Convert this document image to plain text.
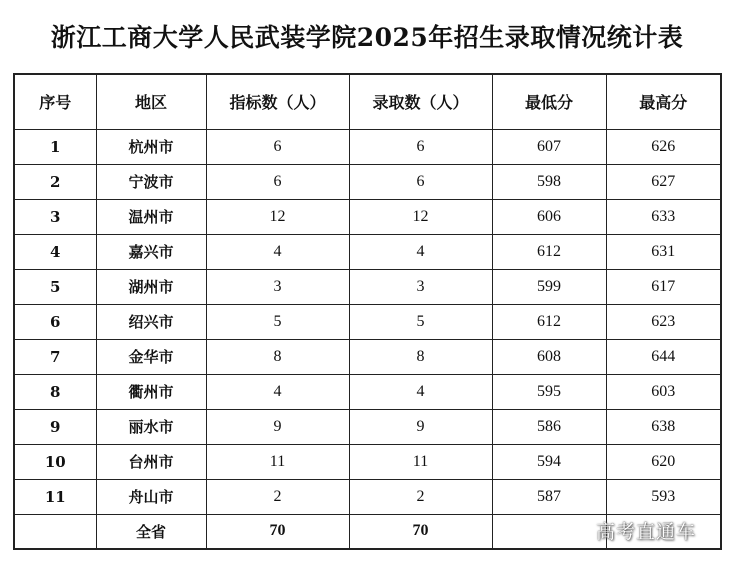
浙江工商大学人民武装学院2025年招生录取情况统计表
序号	地区	指标数（人）	录取数（人）	最低分	最高分
1	杭州市	6	6	607	626
2	宁波市	6	6	598	627
3	温州市	12	12	606	633
4	嘉兴市	4	4	612	631
5	湖州市	3	3	599	617
6	绍兴市	5	5	612	623
7	金华市	8	8	608	644
8	衢州市	4	4	595	603
9	丽水市	9	9	586	638
10	台州市	11	11	594	620
11	舟山市	2	2	587	593
	全省	70	70			高考直通车
